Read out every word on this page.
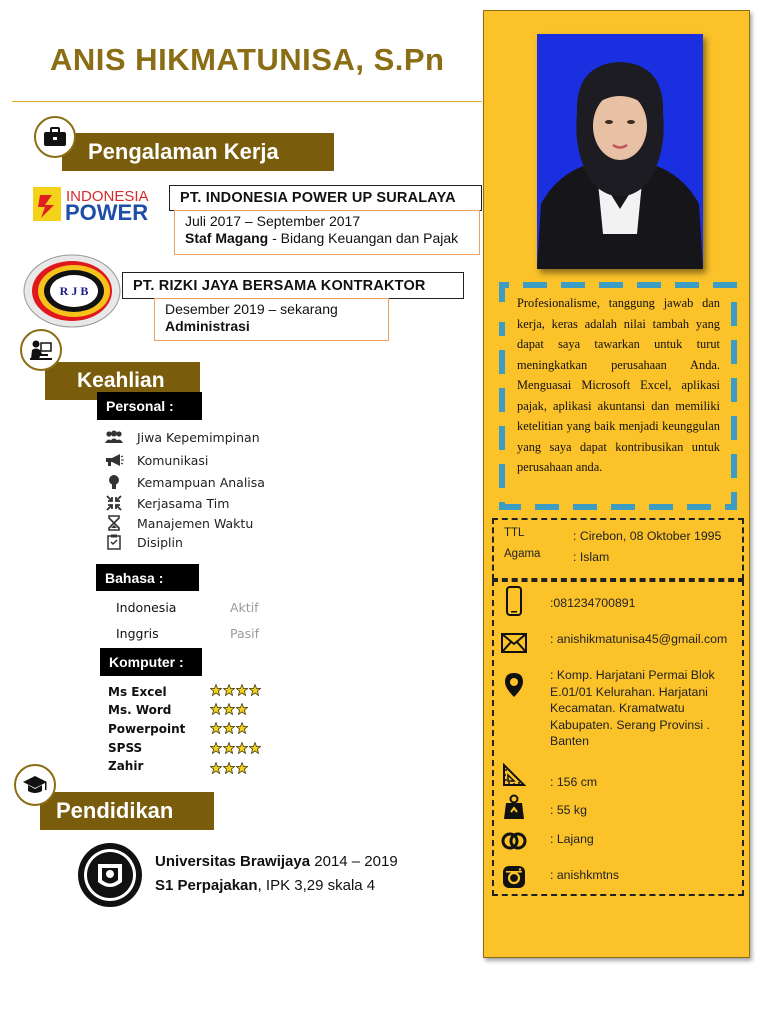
ANIS HIKMATUNISA, S.Pn
Pengalaman Kerja
INDONESIA
POWER
PT. INDONESIA POWER UP SURALAYA
Juli 2017 – September 2017
Staf Magang - Bidang Keuangan dan Pajak
R J B	PT. RIZKI JAYA BERSAMA KONTRAKTOR
Desember 2019 – sekarang
Administrasi
Keahlian
Personal :
Jiwa Kepemimpinan
Komunikasi
Kemampuan Analisa
Kerjasama Tim
Manajemen Waktu
Disiplin
Bahasa :
Indonesia	Aktif
Inggris	Pasif
Komputer :
Ms Excel
Ms. Word
Powerpoint
SPSS
Zahir
Pendidikan
Universitas Brawijaya 2014 – 2019
S1 Perpajakan, IPK 3,29 skala 4
Profesionalisme, tanggung jawab dan kerja, keras adalah nilai tambah yang dapat saya tawarkan untuk turut meningkatkan perusahaan Anda. Menguasai Microsoft Excel, aplikasi pajak, aplikasi akuntansi dan memiliki ketelitian yang baik menjadi keunggulan yang saya dapat kontribusikan untuk perusahaan anda.
TTL	: Cirebon, 08 Oktober 1995
Agama	: Islam
:081234700891
: anishikmatunisa45@gmail.com
: Komp. Harjatani Permai Blok E.01/01 Kelurahan. Harjatani Kecamatan. Kramatwatu Kabupaten. Serang Provinsi . Banten
: 156 cm
: 55 kg
: Lajang
: anishkmtns
